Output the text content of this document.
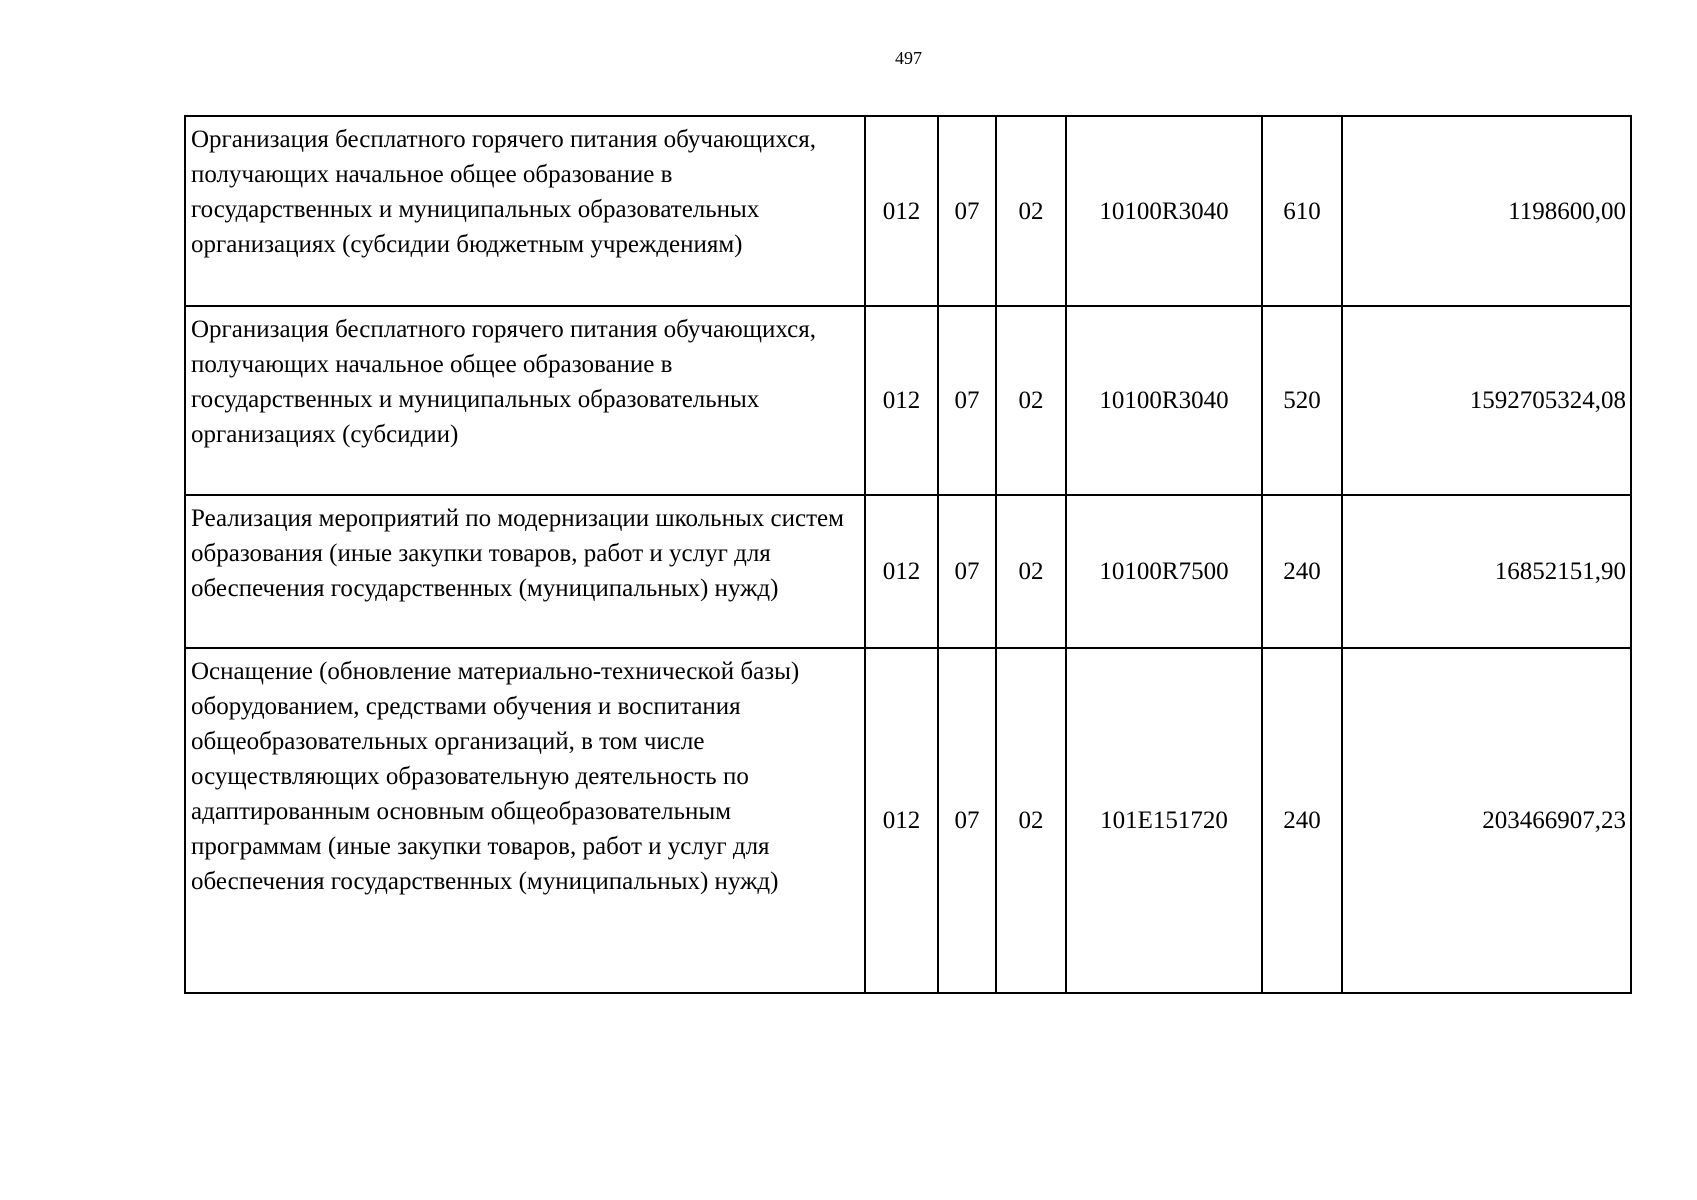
497
Организация бесплатного горячего питания обучающихся, получающих начальное общее образование в государственных и муниципальных образовательных организациях (субсидии бюджетным учреждениям)	012	07	02	10100R3040	610	1198600,00
Организация бесплатного горячего питания обучающихся, получающих начальное общее образование в государственных и муниципальных образовательных организациях (субсидии)	012	07	02	10100R3040	520	1592705324,08
Реализация мероприятий по модернизации школьных систем образования (иные закупки товаров, работ и услуг для обеспечения государственных (муниципальных) нужд)	012	07	02	10100R7500	240	16852151,90
Оснащение (обновление материально-технической базы) оборудованием, средствами обучения и воспитания общеобразовательных организаций, в том числе осуществляющих образовательную деятельность по адаптированным основным общеобразовательным программам (иные закупки товаров, работ и услуг для обеспечения государственных (муниципальных) нужд)	012	07	02	101E151720	240	203466907,23
